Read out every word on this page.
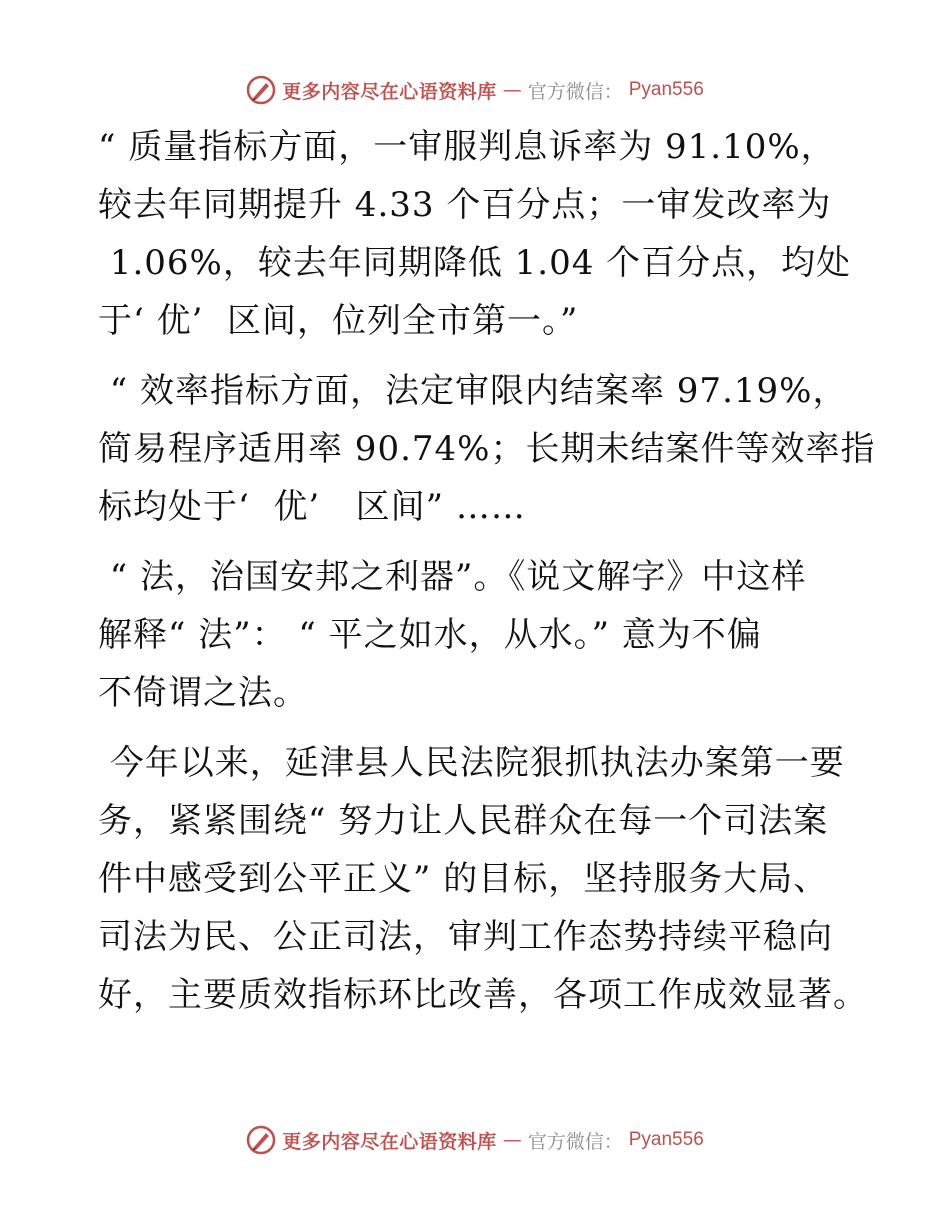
更多内容尽在心语资料库 — 官方微信： Pyan556
“ 质量指标方面，一审服判息诉率为 91.10%，
较去年同期提升 4.33 个百分点；一审发改率为
1.06%，较去年同期降低 1.04 个百分点，均处
于‘ 优’  区间，位列全市第一。”
“ 效率指标方面，法定审限内结案率 97.19%，
简易程序适用率 90.74%；长期未结案件等效率指
标均处于‘  优’   区间” ……
“ 法，治国安邦之利器”。《说文解字》中这样
解释“ 法”： “ 平之如水，从水。” 意为不偏
不倚谓之法。
今年以来，延津县人民法院狠抓执法办案第一要
务，紧紧围绕“ 努力让人民群众在每一个司法案
件中感受到公平正义” 的目标，坚持服务大局、
司法为民、公正司法，审判工作态势持续平稳向
好，主要质效指标环比改善，各项工作成效显著。
更多内容尽在心语资料库 — 官方微信： Pyan556
